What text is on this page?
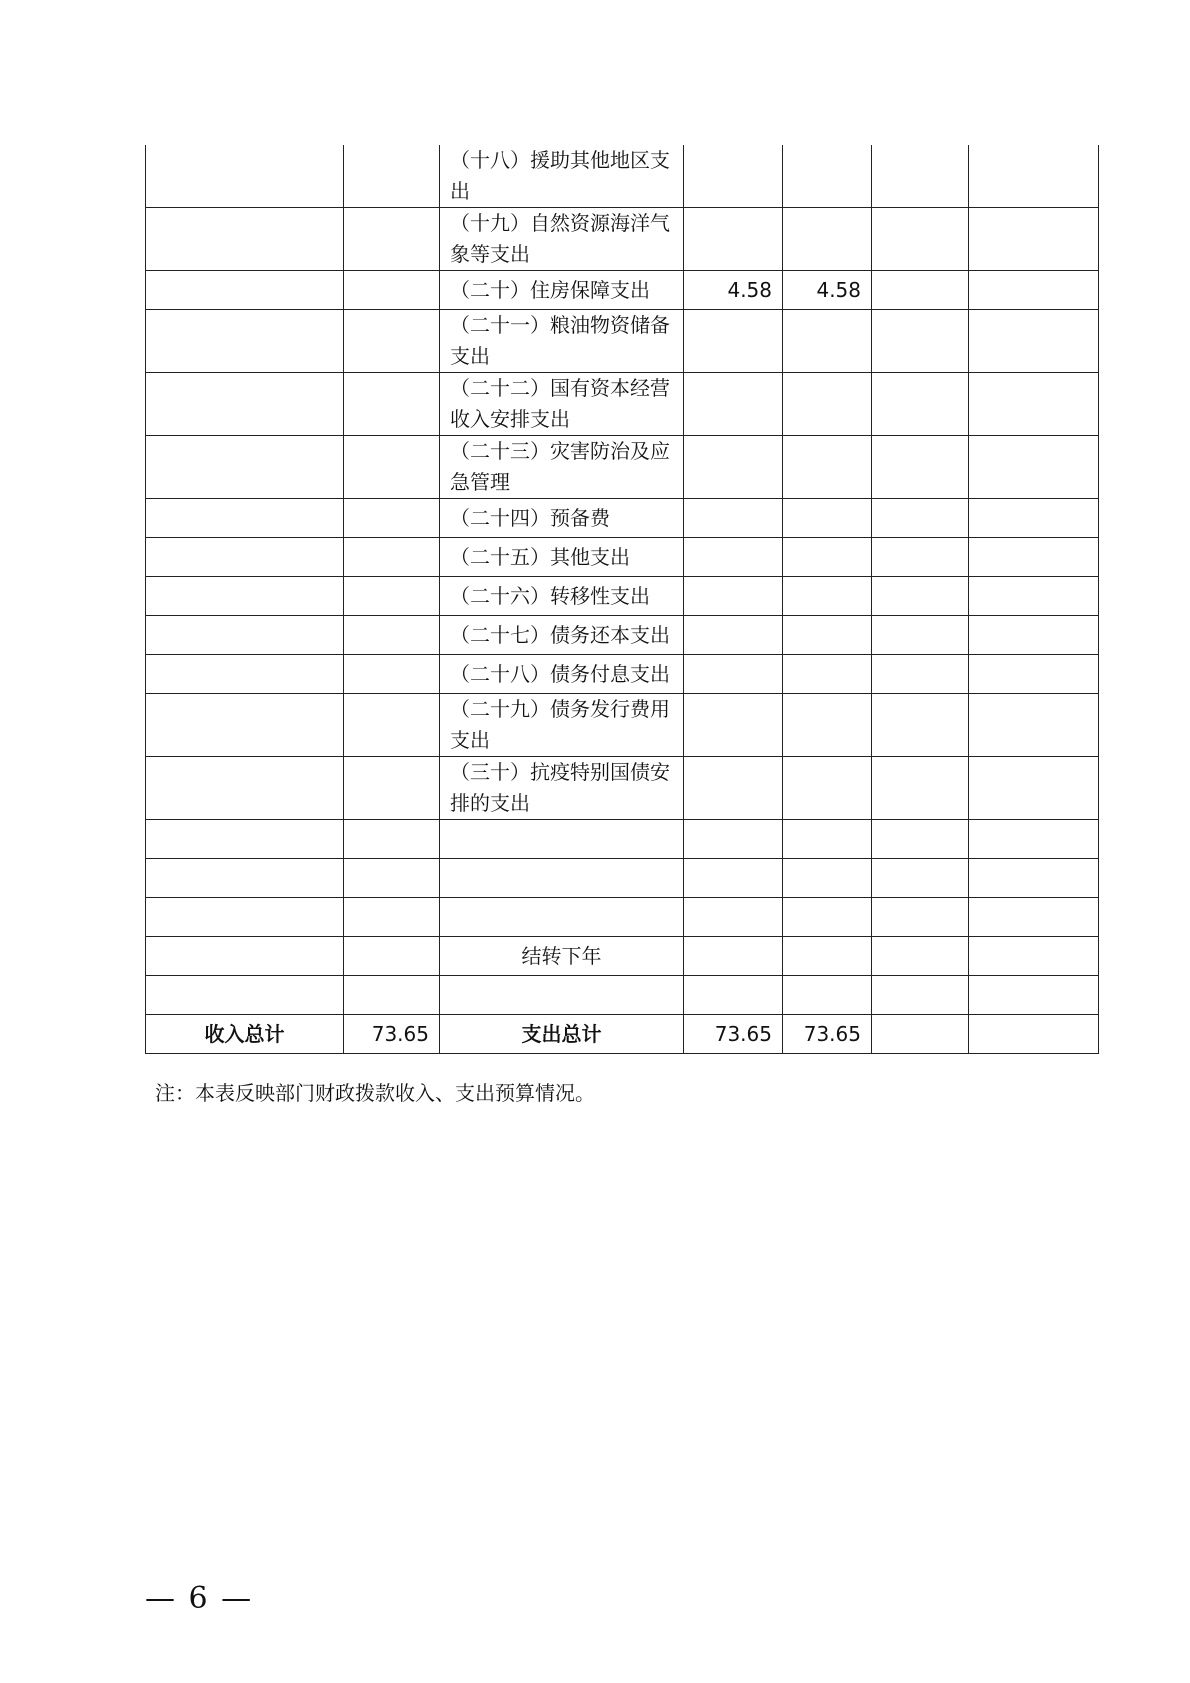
		（十八）援助其他地区支出				
		（十九）自然资源海洋气象等支出				
		（二十）住房保障支出	4.58	4.58		
		（二十一）粮油物资储备支出				
		（二十二）国有资本经营收入安排支出				
		（二十三）灾害防治及应急管理				
		（二十四）预备费				
		（二十五）其他支出				
		（二十六）转移性支出				
		（二十七）债务还本支出				
		（二十八）债务付息支出				
		（二十九）债务发行费用支出				
		（三十）抗疫特别国债安排的支出				

		结转下年				

收入总计	73.65	支出总计	73.65	73.65		

注：本表反映部门财政拨款收入、支出预算情况。

— 6 —
